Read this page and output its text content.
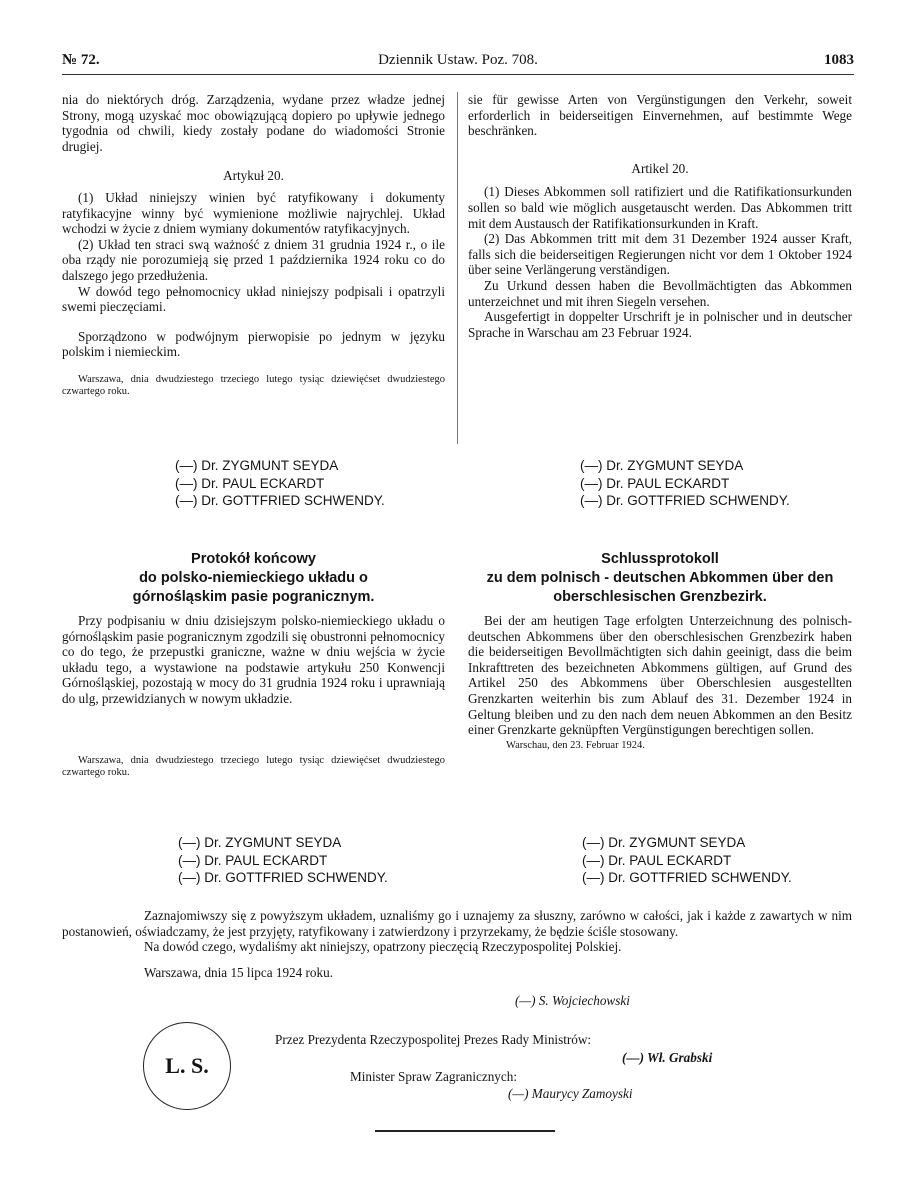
№ 72.	Dziennik Ustaw. Poz. 708.	1083

nia do niektórych dróg. Zarządzenia, wydane przez władze jednej Strony, mogą uzyskać moc obowiązującą dopiero po upływie jednego tygodnia od chwili, kiedy zostały podane do wiadomości Stronie drugiej.

Artykuł 20.

(1) Układ niniejszy winien być ratyfikowany i dokumenty ratyfikacyjne winny być wymienione możliwie najrychlej. Układ wchodzi w życie z dniem wymiany dokumentów ratyfikacyjnych.

(2) Układ ten straci swą ważność z dniem 31 grudnia 1924 r., o ile oba rządy nie porozumieją się przed 1 października 1924 roku co do dalszego jego przedłużenia.

W dowód tego pełnomocnicy układ niniejszy podpisali i opatrzyli swemi pieczęciami.

Sporządzono w podwójnym pierwopisie po jednym w języku polskim i niemieckim.

Warszawa, dnia dwudziestego trzeciego lutego tysiąc dziewięćset dwudziestego czwartego roku.

sie für gewisse Arten von Vergünstigungen den Verkehr, soweit erforderlich in beiderseitigen Einvernehmen, auf bestimmte Wege beschränken.

Artikel 20.

(1) Dieses Abkommen soll ratifiziert und die Ratifikationsurkunden sollen so bald wie möglich ausgetauscht werden. Das Abkommen tritt mit dem Austausch der Ratifikationsurkunden in Kraft.

(2) Das Abkommen tritt mit dem 31 Dezember 1924 ausser Kraft, falls sich die beiderseitigen Regierungen nicht vor dem 1 Oktober 1924 über seine Verlängerung verständigen.

Zu Urkund dessen haben die Bevollmächtigten das Abkommen unterzeichnet und mit ihren Siegeln versehen.

Ausgefertigt in doppelter Urschrift je in polnischer und in deutscher Sprache in Warschau am 23 Februar 1924.

(—) Dr. ZYGMUNT SEYDA
(—) Dr. PAUL ECKARDT
(—) Dr. GOTTFRIED SCHWENDY.
(—) Dr. ZYGMUNT SEYDA
(—) Dr. PAUL ECKARDT
(—) Dr. GOTTFRIED SCHWENDY.

Protokół końcowy

do polsko-niemieckiego układu o górnośląskim pasie pogranicznym.

Przy podpisaniu w dniu dzisiejszym polsko-niemieckiego układu o górnośląskim pasie pogranicznym zgodzili się obustronni pełnomocnicy co do tego, że przepustki graniczne, ważne w dniu wejścia w życie układu tego, a wystawione na podstawie artykułu 250 Konwencji Górnośląskiej, pozostają w mocy do 31 grudnia 1924 roku i uprawniają do ulg, przewidzianych w nowym układzie.

Warszawa, dnia dwudziestego trzeciego lutego tysiąc dziewięćset dwudziestego czwartego roku.

Schlussprotokoll

zu dem polnisch - deutschen Abkommen über den oberschlesischen Grenzbezirk.

Bei der am heutigen Tage erfolgten Unterzeichnung des polnisch-deutschen Abkommens über den oberschlesischen Grenzbezirk haben die beiderseitigen Bevollmächtigten sich dahin geeinigt, dass die beim Inkrafttreten des bezeichneten Abkommens gültigen, auf Grund des Artikel 250 des Abkommens über Oberschlesien ausgestellten Grenzkarten weiterhin bis zum Ablauf des 31. Dezember 1924 in Geltung bleiben und zu den nach dem neuen Abkommen an den Besitz einer Grenzkarte geknüpften Vergünstigungen berechtigen sollen.

Warschau, den 23. Februar 1924.

(—) Dr. ZYGMUNT SEYDA
(—) Dr. PAUL ECKARDT
(—) Dr. GOTTFRIED SCHWENDY.
(—) Dr. ZYGMUNT SEYDA
(—) Dr. PAUL ECKARDT
(—) Dr. GOTTFRIED SCHWENDY.

Zaznajomiwszy się z powyższym układem, uznaliśmy go i uznajemy za słuszny, zarówno w całości, jak i każde z zawartych w nim postanowień, oświadczamy, że jest przyjęty, ratyfikowany i zatwierdzony i przyrzekamy, że będzie ściśle stosowany.

Na dowód czego, wydaliśmy akt niniejszy, opatrzony pieczęcią Rzeczypospolitej Polskiej.

Warszawa, dnia 15 lipca 1924 roku.

(—) S. Wojciechowski
L. S.
Przez Prezydenta Rzeczypospolitej Prezes Rady Ministrów:
(—) Wł. Grabski
Minister Spraw Zagranicznych:
(—) Maurycy Zamoyski
